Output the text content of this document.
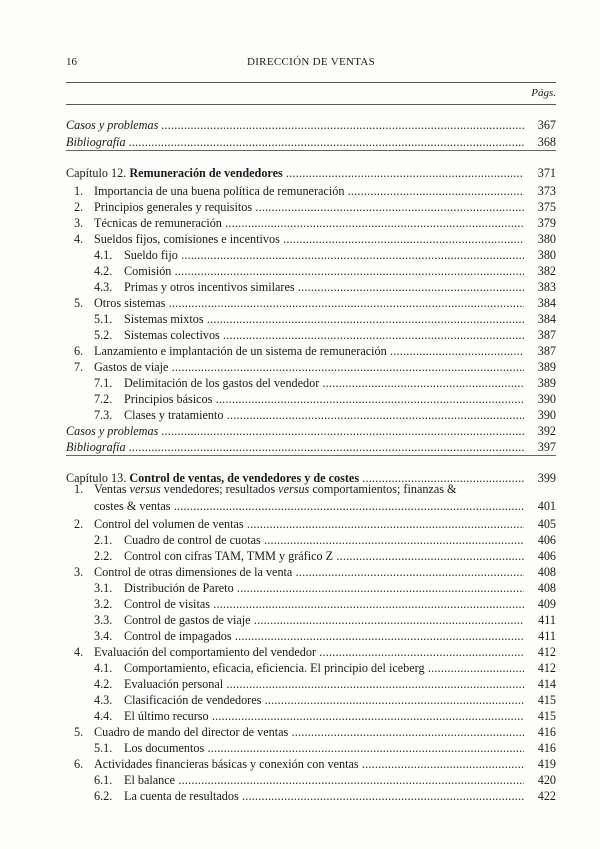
16	DIRECCIÓN DE VENTAS
Págs.
Casos y problemas .....	367
Bibliografía .....	368
Capítulo 12. Remuneración de vendedores .....	371
1. Importancia de una buena política de remuneración .....	373
2. Principios generales y requisitos .....	375
3. Técnicas de remuneración .....	379
4. Sueldos fijos, comisiones e incentivos .....	380
4.1. Sueldo fijo .....	380
4.2. Comisión .....	382
4.3. Primas y otros incentivos similares .....	383
5. Otros sistemas .....	384
5.1. Sistemas mixtos .....	384
5.2. Sistemas colectivos .....	387
6. Lanzamiento e implantación de un sistema de remuneración .....	387
7. Gastos de viaje .....	389
7.1. Delimitación de los gastos del vendedor .....	389
7.2. Principios básicos .....	390
7.3. Clases y tratamiento .....	390
Casos y problemas .....	392
Bibliografía .....	397
Capítulo 13. Control de ventas, de vendedores y de costes .....	399
1. Ventas versus vendedores; resultados versus comportamientos; finanzas &
costes & ventas .....	401
2. Control del volumen de ventas .....	405
2.1. Cuadro de control de cuotas .....	406
2.2. Control con cifras TAM, TMM y gráfico Z .....	406
3. Control de otras dimensiones de la venta .....	408
3.1. Distribución de Pareto .....	408
3.2. Control de visitas .....	409
3.3. Control de gastos de viaje .....	411
3.4. Control de impagados .....	411
4. Evaluación del comportamiento del vendedor .....	412
4.1. Comportamiento, eficacia, eficiencia. El principio del iceberg .....	412
4.2. Evaluación personal .....	414
4.3. Clasificación de vendedores .....	415
4.4. El último recurso .....	415
5. Cuadro de mando del director de ventas .....	416
5.1. Los documentos .....	416
6. Actividades financieras básicas y conexión con ventas .....	419
6.1. El balance .....	420
6.2. La cuenta de resultados .....	422
